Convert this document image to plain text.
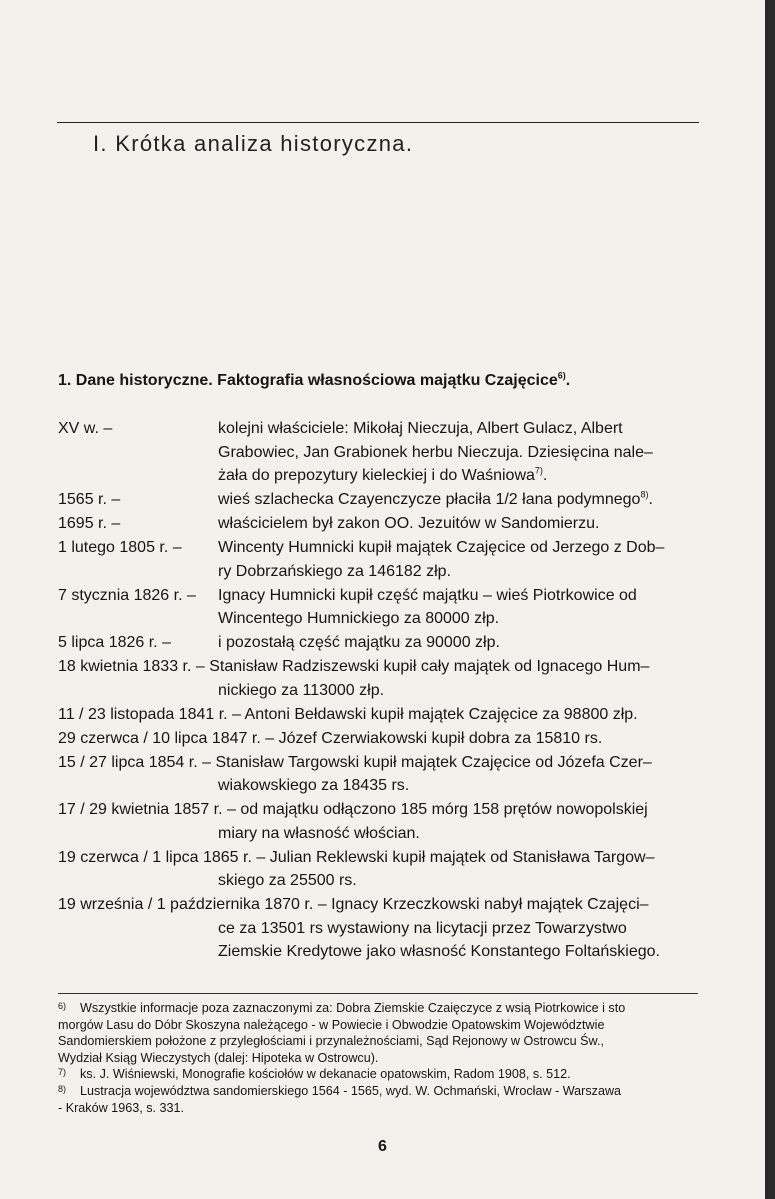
I. Krótka analiza historyczna.
1. Dane historyczne. Faktografia własnościowa majątku Czajęcice$^{6)}$.
XV w. –	kolejni właściciele: Mikołaj Nieczuja, Albert Gulacz, Albert
Grabowiec, Jan Grabionek herbu Nieczuja. Dziesięcina nale–
żała do prepozytury kieleckiej i do Waśniowa$^{7)}$.
1565 r. –	wieś szlachecka Czayenczycze płaciła 1/2 łana podymnego$^{8)}$.
1695 r. –	właścicielem był zakon OO. Jezuitów w Sandomierzu.
1 lutego 1805 r. – Wincenty Humnicki kupił majątek Czajęcice od Jerzego z Dob–
ry Dobrzańskiego za 146182 złp.
7 stycznia 1826 r. – Ignacy Humnicki kupił część majątku – wieś Piotrkowice od
Wincentego Humnickiego za 80000 złp.
5 lipca 1826 r. –	i pozostałą część majątku za 90000 złp.
18 kwietnia 1833 r. – Stanisław Radziszewski kupił cały majątek od Ignacego Hum–
nickiego za 113000 złp.
11 / 23 listopada 1841 r. – Antoni Bełdawski kupił majątek Czajęcice za 98800 złp.
29 czerwca / 10 lipca 1847 r. – Józef Czerwiakowski kupił dobra za 15810 rs.
15 / 27 lipca 1854 r. – Stanisław Targowski kupił majątek Czajęcice od Józefa Czer–
wiakowskiego za 18435 rs.
17 / 29 kwietnia 1857 r. – od majątku odłączono 185 mórg 158 prętów nowopolskiej
miary na własność włościan.
19 czerwca / 1 lipca 1865 r. – Julian Reklewski kupił majątek od Stanisława Targow–
skiego za 25500 rs.
19 września / 1 października 1870 r. – Ignacy Krzeczkowski nabył majątek Czajęci–
ce za 13501 rs wystawiony na licytacji przez Towarzystwo
Ziemskie Kredytowe jako własność Konstantego Foltańskiego.
6) Wszystkie informacje poza zaznaczonymi za: Dobra Ziemskie Czaięczyce z wsią Piotrkowice i sto
morgów Lasu do Dóbr Skoszyna należącego - w Powiecie i Obwodzie Opatowskim Województwie
Sandomierskiem położone z przyległościami i przynależnościami, Sąd Rejonowy w Ostrowcu Św.,
Wydział Ksiąg Wieczystych (dalej: Hipoteka w Ostrowcu).
7) ks. J. Wiśniewski, Monografie kościołów w dekanacie opatowskim, Radom 1908, s. 512.
8) Lustracja województwa sandomierskiego 1564 - 1565, wyd. W. Ochmański, Wrocław - Warszawa
- Kraków 1963, s. 331.
6
